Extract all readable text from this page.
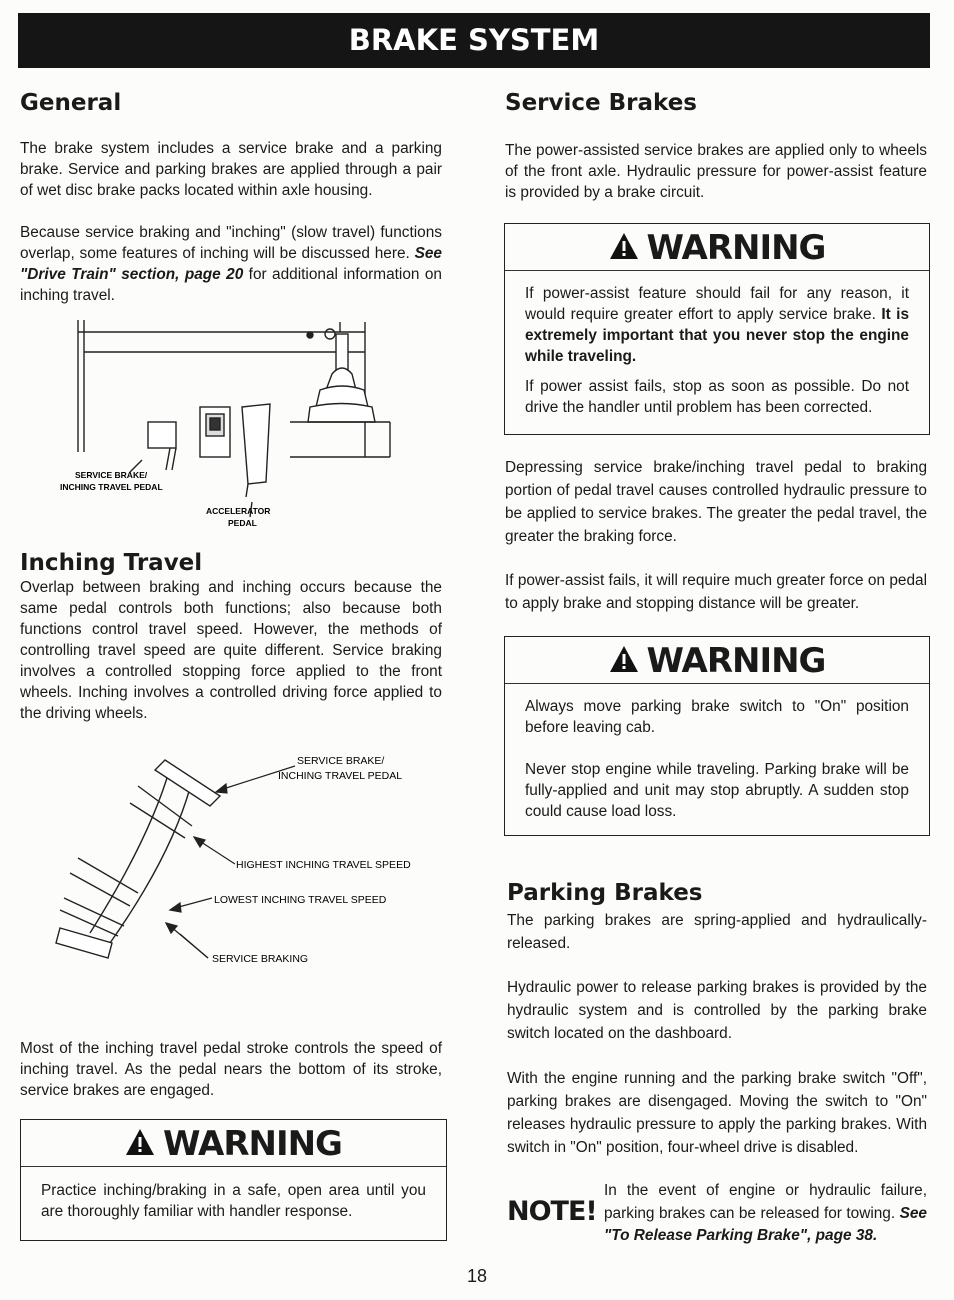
BRAKE SYSTEM
General

The brake system includes a service brake and a parking brake. Service and parking brakes are applied through a pair of wet disc brake packs located within axle housing.

Because service braking and "inching" (slow travel) functions overlap, some features of inching will be discussed here. See "Drive Train" section, page 20 for additional information on inching travel.

SERVICE BRAKE/
INCHING TRAVEL PEDAL
ACCELERATOR
PEDAL
Inching Travel

Overlap between braking and inching occurs because the same pedal controls both functions; also because both functions control travel speed. However, the methods of controlling travel speed are quite different. Service braking involves a controlled stopping force applied to the front wheels. Inching involves a controlled driving force applied to the driving wheels.

SERVICE BRAKE/
INCHING TRAVEL PEDAL
HIGHEST INCHING TRAVEL SPEED
LOWEST INCHING TRAVEL SPEED
SERVICE BRAKING

Most of the inching travel pedal stroke controls the speed of inching travel. As the pedal nears the bottom of its stroke, service brakes are engaged.

WARNING

Practice inching/braking in a safe, open area until you are thoroughly familiar with handler response.

Service Brakes

The power-assisted service brakes are applied only to wheels of the front axle. Hydraulic pressure for power-assist feature is provided by a brake circuit.

WARNING

If power-assist feature should fail for any reason, it would require greater effort to apply service brake. It is extremely important that you never stop the engine while traveling.

If power assist fails, stop as soon as possible. Do not drive the handler until problem has been corrected.

Depressing service brake/inching travel pedal to braking portion of pedal travel causes controlled hydraulic pressure to be applied to service brakes. The greater the pedal travel, the greater the braking force.

If power-assist fails, it will require much greater force on pedal to apply brake and stopping distance will be greater.

WARNING

Always move parking brake switch to "On" position before leaving cab.

Never stop engine while traveling. Parking brake will be fully-applied and unit may stop abruptly. A sudden stop could cause load loss.

Parking Brakes

The parking brakes are spring-applied and hydraulically-released.

Hydraulic power to release parking brakes is provided by the hydraulic system and is controlled by the parking brake switch located on the dashboard.

With the engine running and the parking brake switch "Off", parking brakes are disengaged. Moving the switch to "On" releases hydraulic pressure to apply the parking brakes. With switch in "On" position, four-wheel drive is disabled.

NOTE!

In the event of engine or hydraulic failure, parking brakes can be released for towing. See "To Release Parking Brake", page 38.

18
